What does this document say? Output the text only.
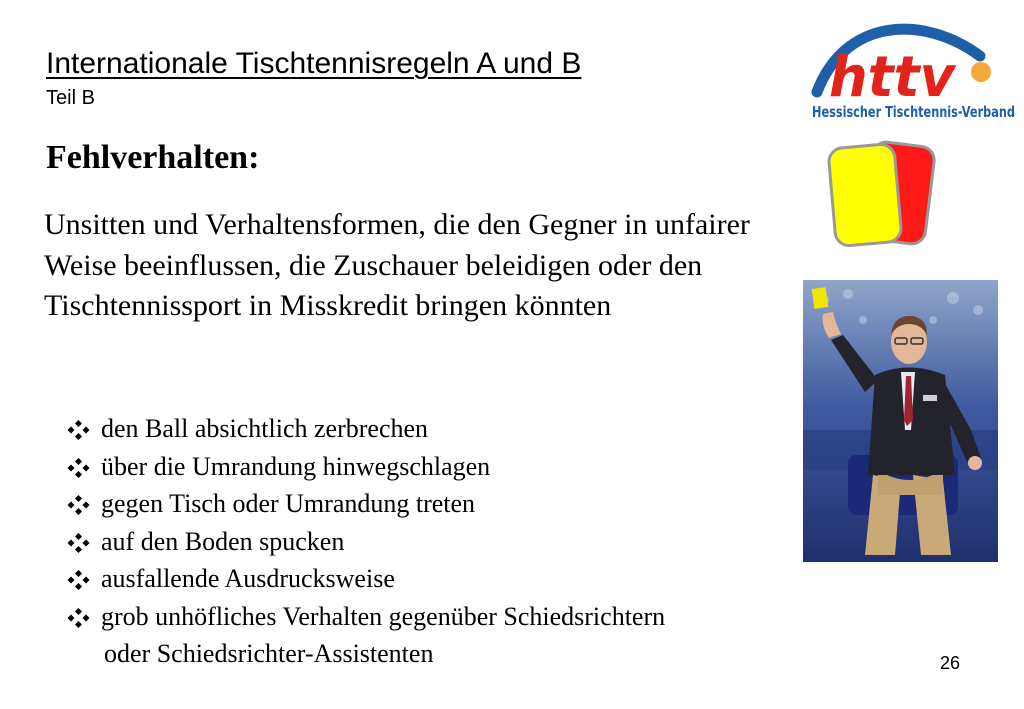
Internationale Tischtennisregeln A und B
Teil B
Fehlverhalten:

Unsitten und Verhaltensformen, die den Gegner in unfairer Weise beeinflussen, die Zuschauer beleidigen oder den Tischtennissport in Misskredit bringen könnten

den Ball absichtlich zerbrechen
über die Umrandung hinwegschlagen
gegen Tisch oder Umrandung treten
auf den Boden spucken
ausfallende Ausdrucksweise
grob unhöfliches Verhalten gegenüber Schiedsrichtern
oder Schiedsrichter-Assistenten
httv
Hessischer Tischtennis-Verband
26
